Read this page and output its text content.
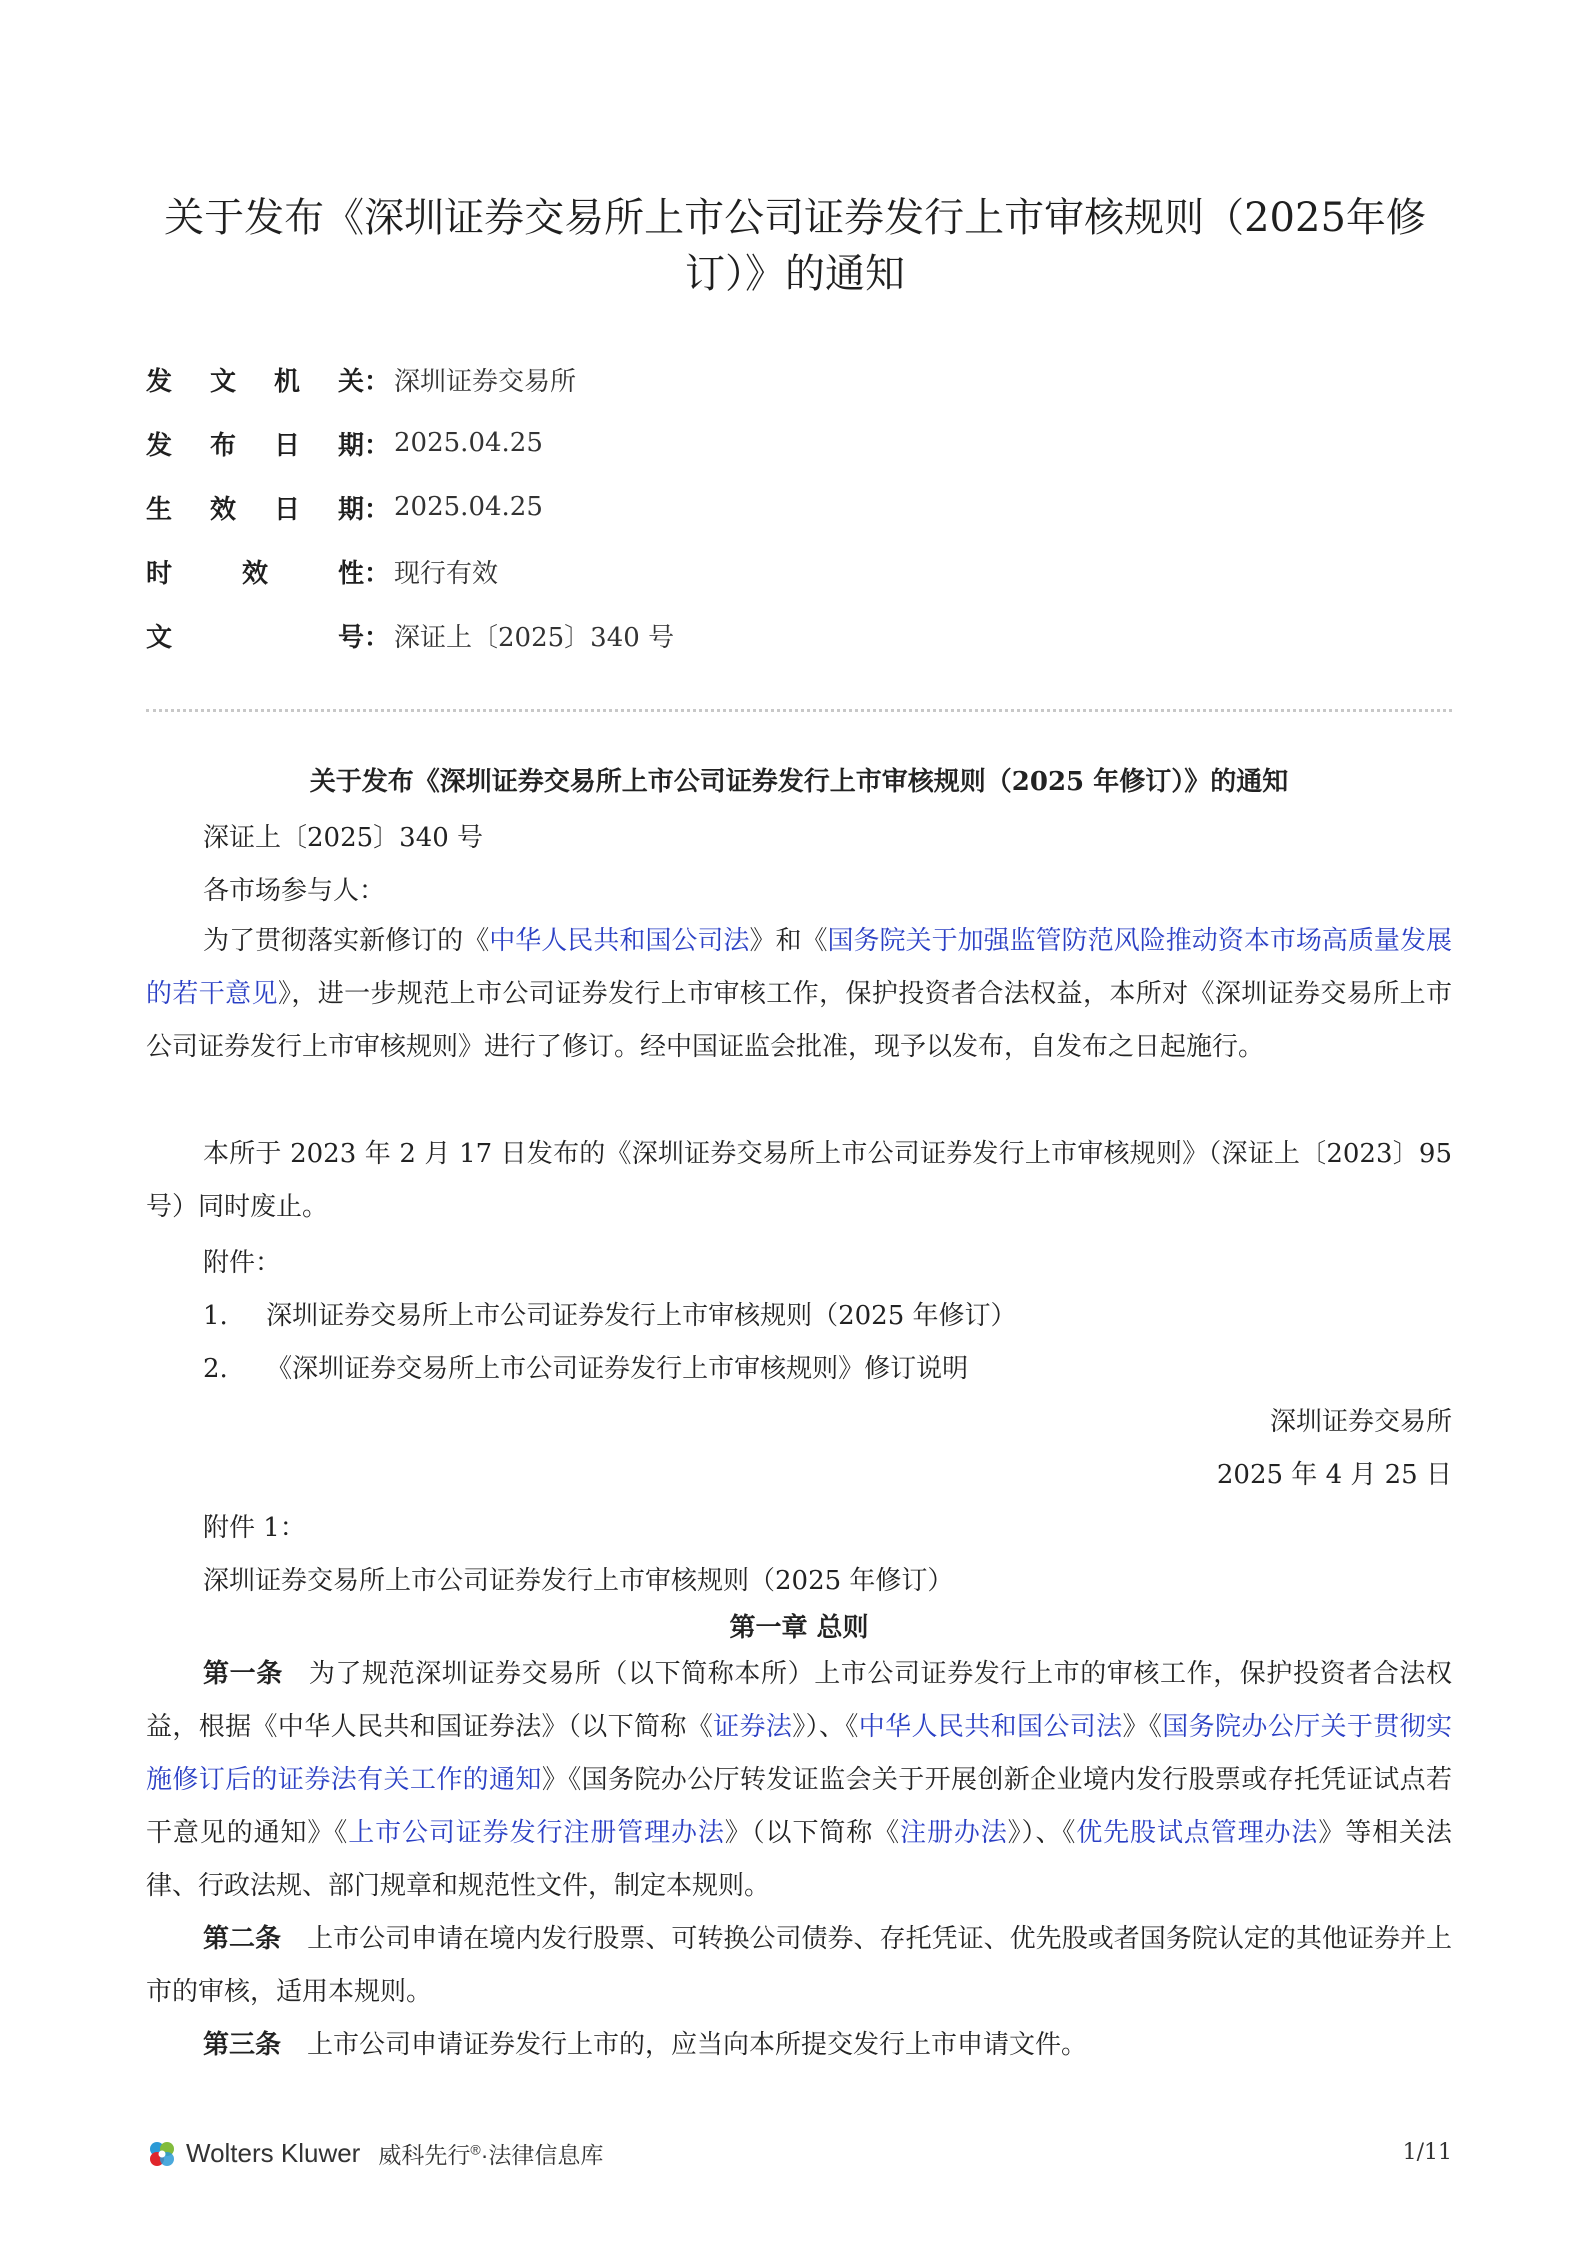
关于发布《深圳证券交易所上市公司证券发行上市审核规则（2025年修订）》的通知
发 文 机 关 ： 深圳证券交易所
发 布 日 期 ： 2025.04.25
生 效 日 期 ： 2025.04.25
时	效	性 ： 现行有效
文	号 ： 深证上〔2025〕340 号
关于发布《深圳证券交易所上市公司证券发行上市审核规则（2025 年修订）》的通知
深证上〔2025〕340 号
各市场参与人：

为了贯彻落实新修订的《中华人民共和国公司法》和《国务院关于加强监管防范风险推动资本市场高质量发展的若干意见》，进一步规范上市公司证券发行上市审核工作，保护投资者合法权益，本所对《深圳证券交易所上市公司证券发行上市审核规则》进行了修订。经中国证监会批准，现予以发布，自发布之日起施行。

本所于 2023 年 2 月 17 日发布的《深圳证券交易所上市公司证券发行上市审核规则》（深证上〔2023〕95 号）同时废止。

附件：
1. 深圳证券交易所上市公司证券发行上市审核规则（2025 年修订）
2. 《深圳证券交易所上市公司证券发行上市审核规则》修订说明
深圳证券交易所
2025 年 4 月 25 日
附件 1：
深圳证券交易所上市公司证券发行上市审核规则（2025 年修订）
第一章 总则

第一条 为了规范深圳证券交易所（以下简称本所）上市公司证券发行上市的审核工作，保护投资者合法权益，根据《中华人民共和国证券法》（以下简称《证券法》）、《中华人民共和国公司法》《国务院办公厅关于贯彻实施修订后的证券法有关工作的通知》《国务院办公厅转发证监会关于开展创新企业境内发行股票或存托凭证试点若干意见的通知》《上市公司证券发行注册管理办法》（以下简称《注册办法》）、《优先股试点管理办法》等相关法律、行政法规、部门规章和规范性文件，制定本规则。

第二条 上市公司申请在境内发行股票、可转换公司债券、存托凭证、优先股或者国务院认定的其他证券并上市的审核，适用本规则。

第三条 上市公司申请证券发行上市的，应当向本所提交发行上市申请文件。

Wolters Kluwer 威科先行®·法律信息库	1/11
